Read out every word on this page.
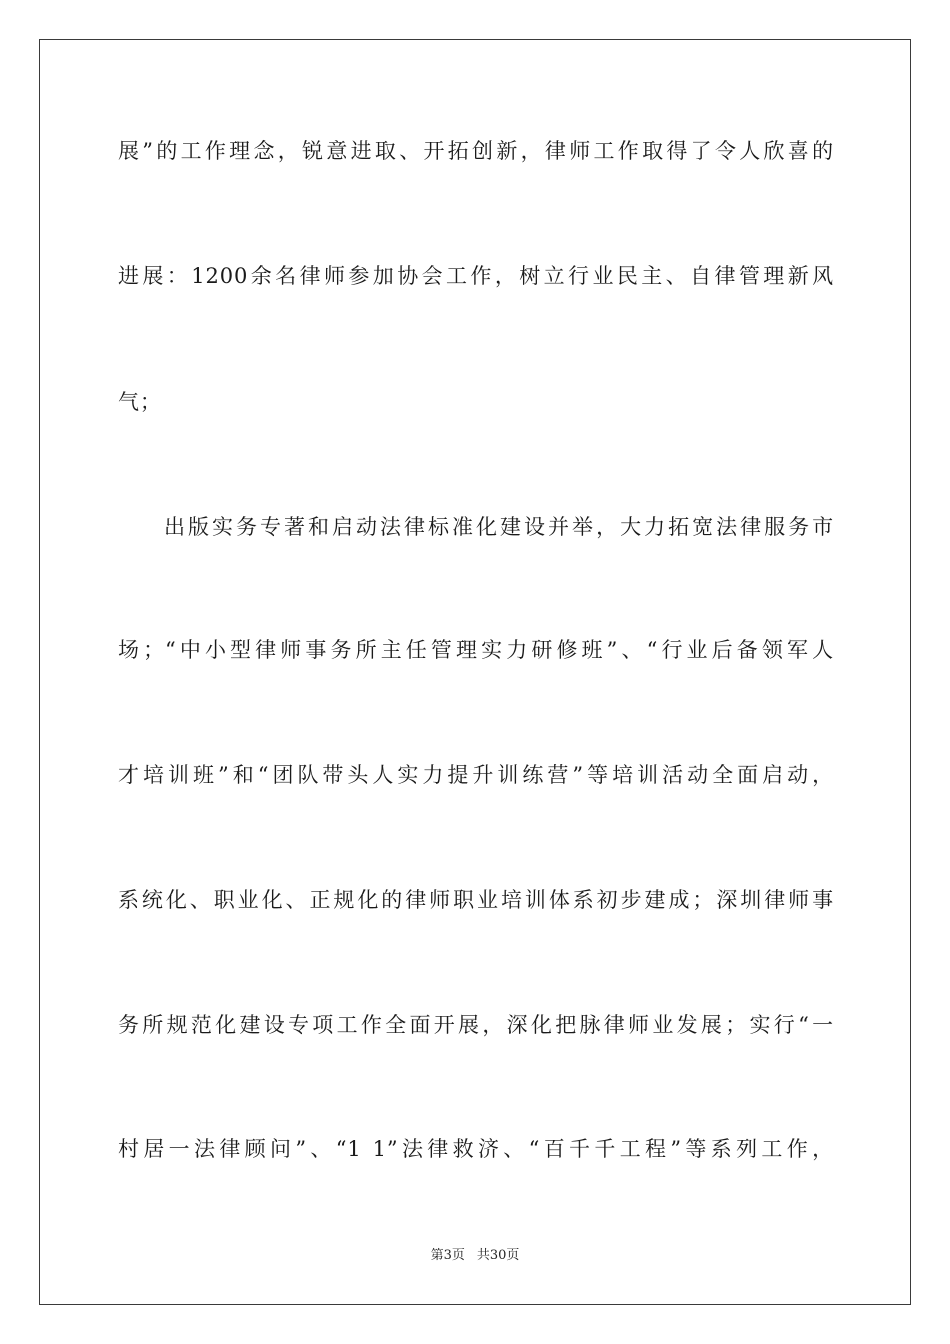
展”的工作理念，锐意进取、开拓创新，律师工作取得了令人欣喜的
进展：1200余名律师参加协会工作，树立行业民主、自律管理新风
气；
出版实务专著和启动法律标准化建设并举，大力拓宽法律服务市
场；“中小型律师事务所主任管理实力研修班”、“行业后备领军人
才培训班”和“团队带头人实力提升训练营”等培训活动全面启动，
系统化、职业化、正规化的律师职业培训体系初步建成；深圳律师事
务所规范化建设专项工作全面开展，深化把脉律师业发展；实行“一
村居一法律顾问”、“1 1”法律救济、“百千千工程”等系列工作，
第3页 共30页
